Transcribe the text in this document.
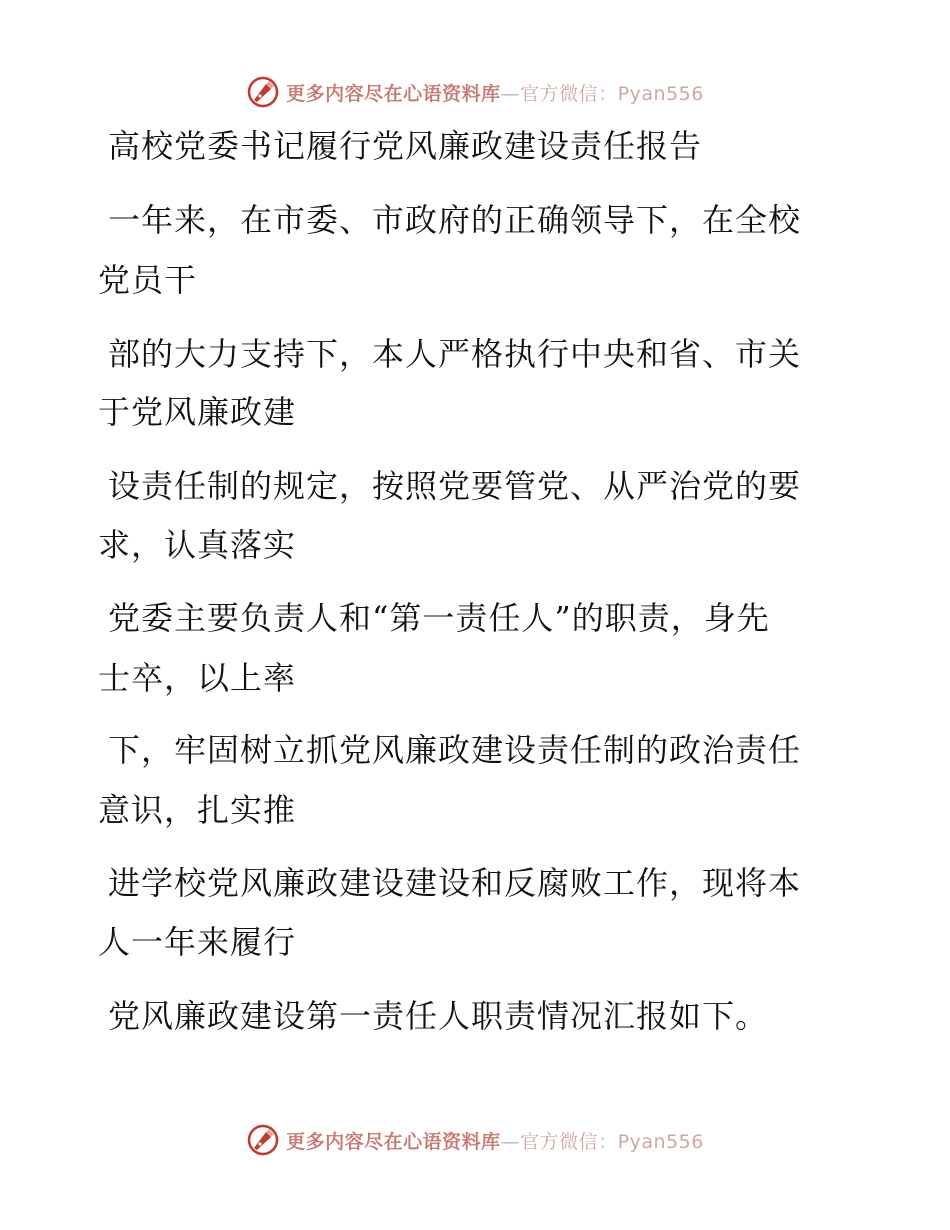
更多内容尽在心语资料库—官方微信：Pyan556
高校党委书记履行党风廉政建设责任报告
一年来，在市委、市政府的正确领导下，在全校
党员干
部的大力支持下，本人严格执行中央和省、市关
于党风廉政建
设责任制的规定，按照党要管党、从严治党的要
求，认真落实
党委主要负责人和“第一责任人”的职责，身先
士卒，以上率
下，牢固树立抓党风廉政建设责任制的政治责任
意识，扎实推
进学校党风廉政建设建设和反腐败工作，现将本
人一年来履行
党风廉政建设第一责任人职责情况汇报如下。
更多内容尽在心语资料库—官方微信：Pyan556
